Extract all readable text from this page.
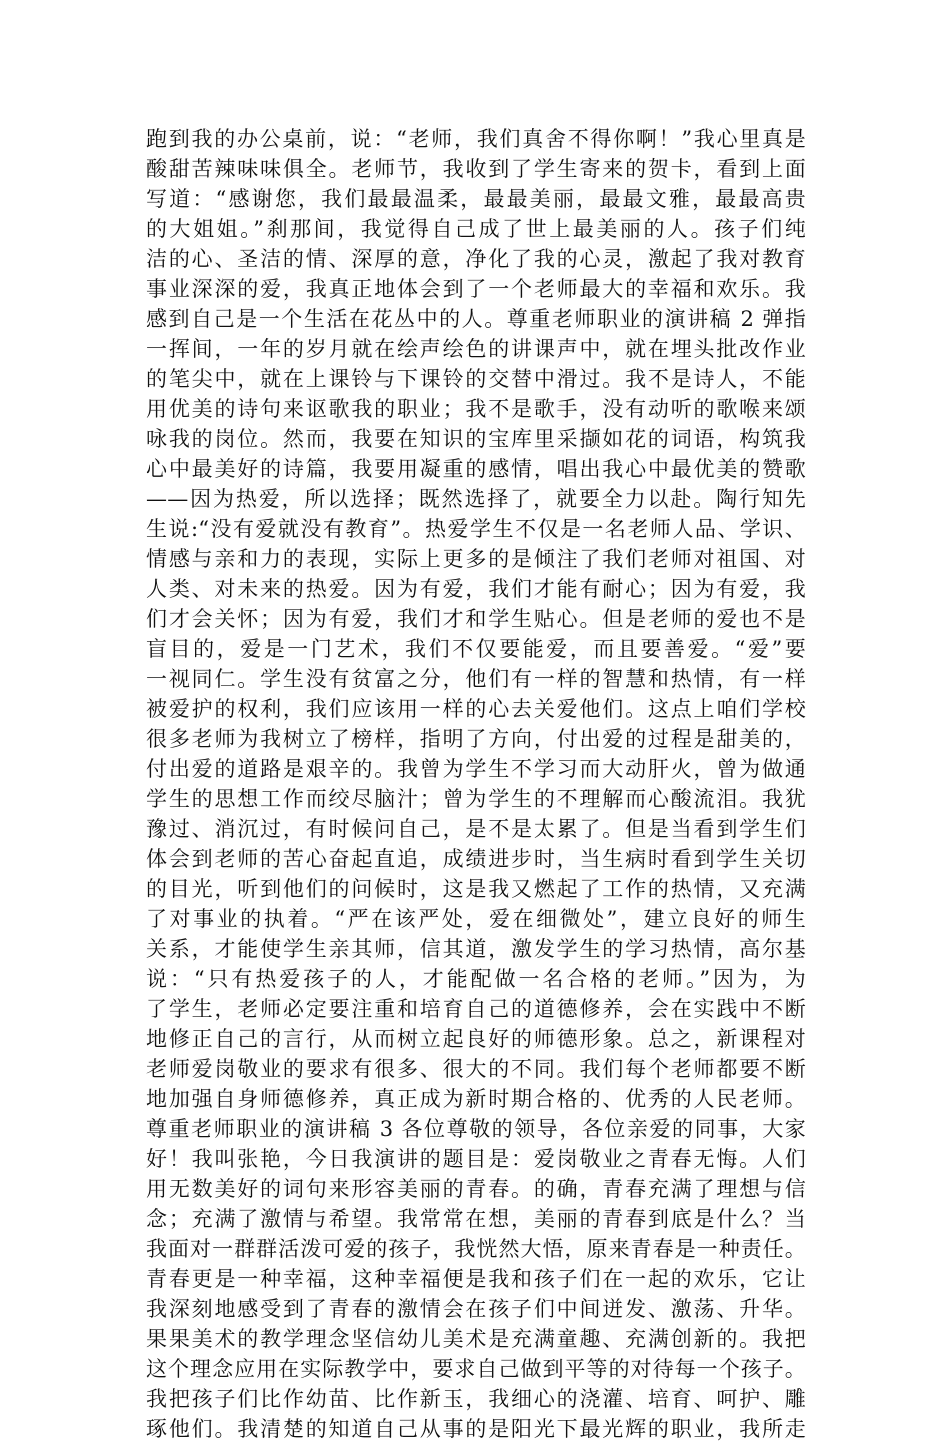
跑到我的办公桌前，说：“老师，我们真舍不得你啊！”我心里真是
酸甜苦辣味味俱全。老师节，我收到了学生寄来的贺卡，看到上面
写道：“感谢您，我们最最温柔，最最美丽，最最文雅，最最高贵
的大姐姐。”刹那间，我觉得自己成了世上最美丽的人。孩子们纯
洁的心、圣洁的情、深厚的意，净化了我的心灵，激起了我对教育
事业深深的爱，我真正地体会到了一个老师最大的幸福和欢乐。我
感到自己是一个生活在花丛中的人。尊重老师职业的演讲稿 2 弹指
一挥间，一年的岁月就在绘声绘色的讲课声中，就在埋头批改作业
的笔尖中，就在上课铃与下课铃的交替中滑过。我不是诗人，不能
用优美的诗句来讴歌我的职业；我不是歌手，没有动听的歌喉来颂
咏我的岗位。然而，我要在知识的宝库里采撷如花的词语，构筑我
心中最美好的诗篇，我要用凝重的感情，唱出我心中最优美的赞歌
——因为热爱，所以选择；既然选择了，就要全力以赴。陶行知先
生说:“没有爱就没有教育”。热爱学生不仅是一名老师人品、学识、
情感与亲和力的表现，实际上更多的是倾注了我们老师对祖国、对
人类、对未来的热爱。因为有爱，我们才能有耐心；因为有爱，我
们才会关怀；因为有爱，我们才和学生贴心。但是老师的爱也不是
盲目的，爱是一门艺术，我们不仅要能爱，而且要善爱。“爱”要
一视同仁。学生没有贫富之分，他们有一样的智慧和热情，有一样
被爱护的权利，我们应该用一样的心去关爱他们。这点上咱们学校
很多老师为我树立了榜样，指明了方向，付出爱的过程是甜美的，
付出爱的道路是艰辛的。我曾为学生不学习而大动肝火，曾为做通
学生的思想工作而绞尽脑汁；曾为学生的不理解而心酸流泪。我犹
豫过、消沉过，有时候问自己，是不是太累了。但是当看到学生们
体会到老师的苦心奋起直追，成绩进步时，当生病时看到学生关切
的目光，听到他们的问候时，这是我又燃起了工作的热情，又充满
了对事业的执着。“严在该严处，爱在细微处”，建立良好的师生
关系，才能使学生亲其师，信其道，激发学生的学习热情，高尔基
说：“只有热爱孩子的人，才能配做一名合格的老师。”因为，为
了学生，老师必定要注重和培育自己的道德修养，会在实践中不断
地修正自己的言行，从而树立起良好的师德形象。总之，新课程对
老师爱岗敬业的要求有很多、很大的不同。我们每个老师都要不断
地加强自身师德修养，真正成为新时期合格的、优秀的人民老师。
尊重老师职业的演讲稿 3 各位尊敬的领导，各位亲爱的同事，大家
好！我叫张艳，今日我演讲的题目是：爱岗敬业之青春无悔。人们
用无数美好的词句来形容美丽的青春。的确，青春充满了理想与信
念；充满了激情与希望。我常常在想，美丽的青春到底是什么？当
我面对一群群活泼可爱的孩子，我恍然大悟，原来青春是一种责任。
青春更是一种幸福，这种幸福便是我和孩子们在一起的欢乐，它让
我深刻地感受到了青春的激情会在孩子们中间迸发、激荡、升华。
果果美术的教学理念坚信幼儿美术是充满童趣、充满创新的。我把
这个理念应用在实际教学中，要求自己做到平等的对待每一个孩子。
我把孩子们比作幼苗、比作新玉，我细心的浇灌、培育、呵护、雕
琢他们。我清楚的知道自己从事的是阳光下最光辉的职业，我所走
